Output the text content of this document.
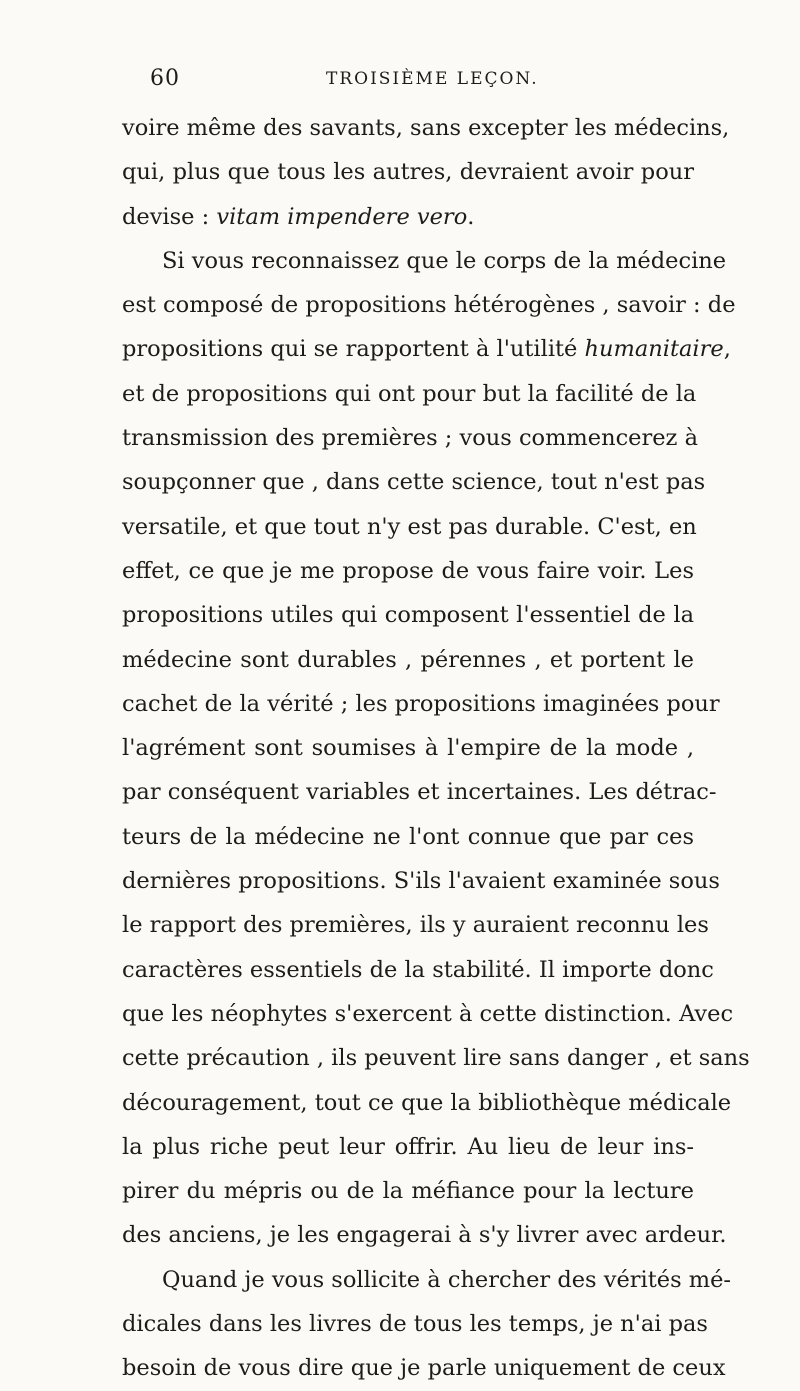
60	TROISIÈME LEÇON.

voire même des savants, sans excepter les médecins,
qui, plus que tous les autres, devraient avoir pour
devise : vitam impendere vero.
Si vous reconnaissez que le corps de la médecine
est composé de propositions hétérogènes , savoir : de
propositions qui se rapportent à l'utilité humanitaire,
et de propositions qui ont pour but la facilité de la
transmission des premières ; vous commencerez à
soupçonner que , dans cette science, tout n'est pas
versatile, et que tout n'y est pas durable. C'est, en
effet, ce que je me propose de vous faire voir. Les
propositions utiles qui composent l'essentiel de la
médecine sont durables , pérennes , et portent le
cachet de la vérité ; les propositions imaginées pour
l'agrément sont soumises à l'empire de la mode ,
par conséquent variables et incertaines. Les détrac-
teurs de la médecine ne l'ont connue que par ces
dernières propositions. S'ils l'avaient examinée sous
le rapport des premières, ils y auraient reconnu les
caractères essentiels de la stabilité. Il importe donc
que les néophytes s'exercent à cette distinction. Avec
cette précaution , ils peuvent lire sans danger , et sans
découragement, tout ce que la bibliothèque médicale
la plus riche peut leur offrir. Au lieu de leur ins-
pirer du mépris ou de la méfiance pour la lecture
des anciens, je les engagerai à s'y livrer avec ardeur.
Quand je vous sollicite à chercher des vérités mé-
dicales dans les livres de tous les temps, je n'ai pas
besoin de vous dire que je parle uniquement de ceux
